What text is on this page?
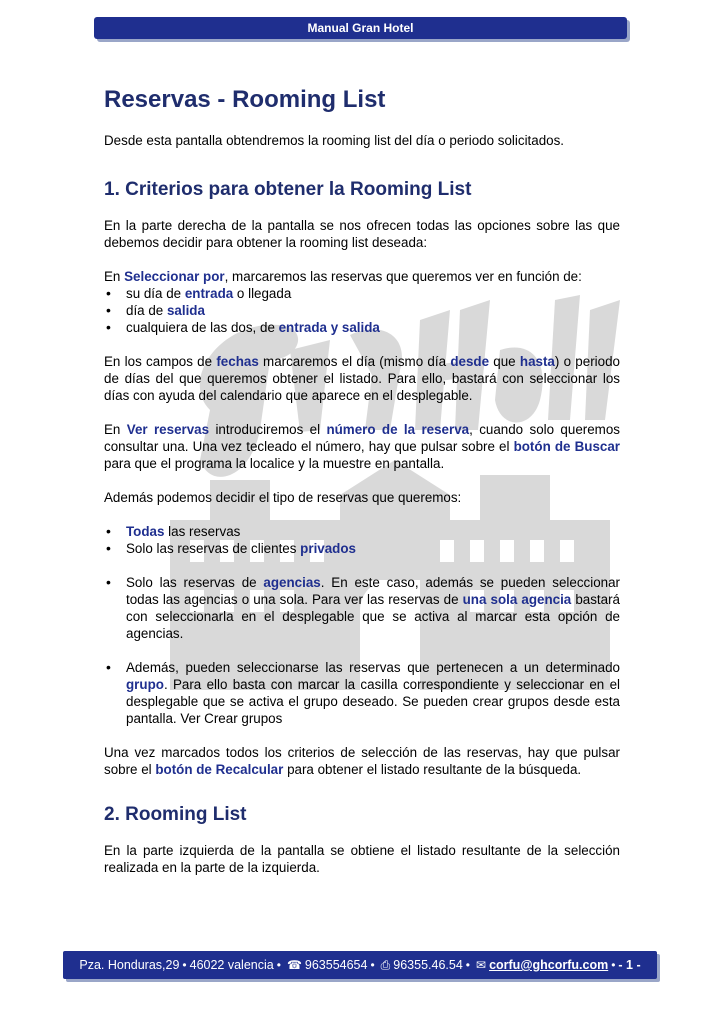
Manual Gran Hotel
Reservas - Rooming List

Desde esta pantalla obtendremos la rooming list del día o periodo solicitados.

1. Criterios para obtener la Rooming List

En la parte derecha de la pantalla se nos ofrecen todas las opciones sobre las que debemos decidir para obtener la rooming list deseada:

En Seleccionar por, marcaremos las reservas que queremos ver en función de:

• su día de entrada o llegada
• día de salida
• cualquiera de las dos, de entrada y salida

En los campos de fechas marcaremos el día (mismo día desde que hasta) o periodo de días del que queremos obtener el listado. Para ello, bastará con seleccionar los días con ayuda del calendario que aparece en el desplegable.

En Ver reservas introduciremos el número de la reserva, cuando solo queremos consultar una. Una vez tecleado el número, hay que pulsar sobre el botón de Buscar para que el programa la localice y la muestre en pantalla.

Además podemos decidir el tipo de reservas que queremos:

• Todas las reservas
• Solo las reservas de clientes privados
• Solo las reservas de agencias. En este caso, además se pueden seleccionar todas las agencias o una sola. Para ver las reservas de una sola agencia bastará con seleccionarla en el desplegable que se activa al marcar esta opción de agencias.
• Además, pueden seleccionarse las reservas que pertenecen a un determinado grupo. Para ello basta con marcar la casilla correspondiente y seleccionar en el desplegable que se activa el grupo deseado. Se pueden crear grupos desde esta pantalla. Ver Crear grupos

Una vez marcados todos los criterios de selección de las reservas, hay que pulsar sobre el botón de Recalcular para obtener el listado resultante de la búsqueda.

2. Rooming List

En la parte izquierda de la pantalla se obtiene el listado resultante de la selección realizada en la parte de la izquierda.

Pza. Honduras,29 • 46022 valencia • ☎ 963554654 • ⎙ 96355.46.54 • ✉ corfu@ghcorfu.com • - 1 -
